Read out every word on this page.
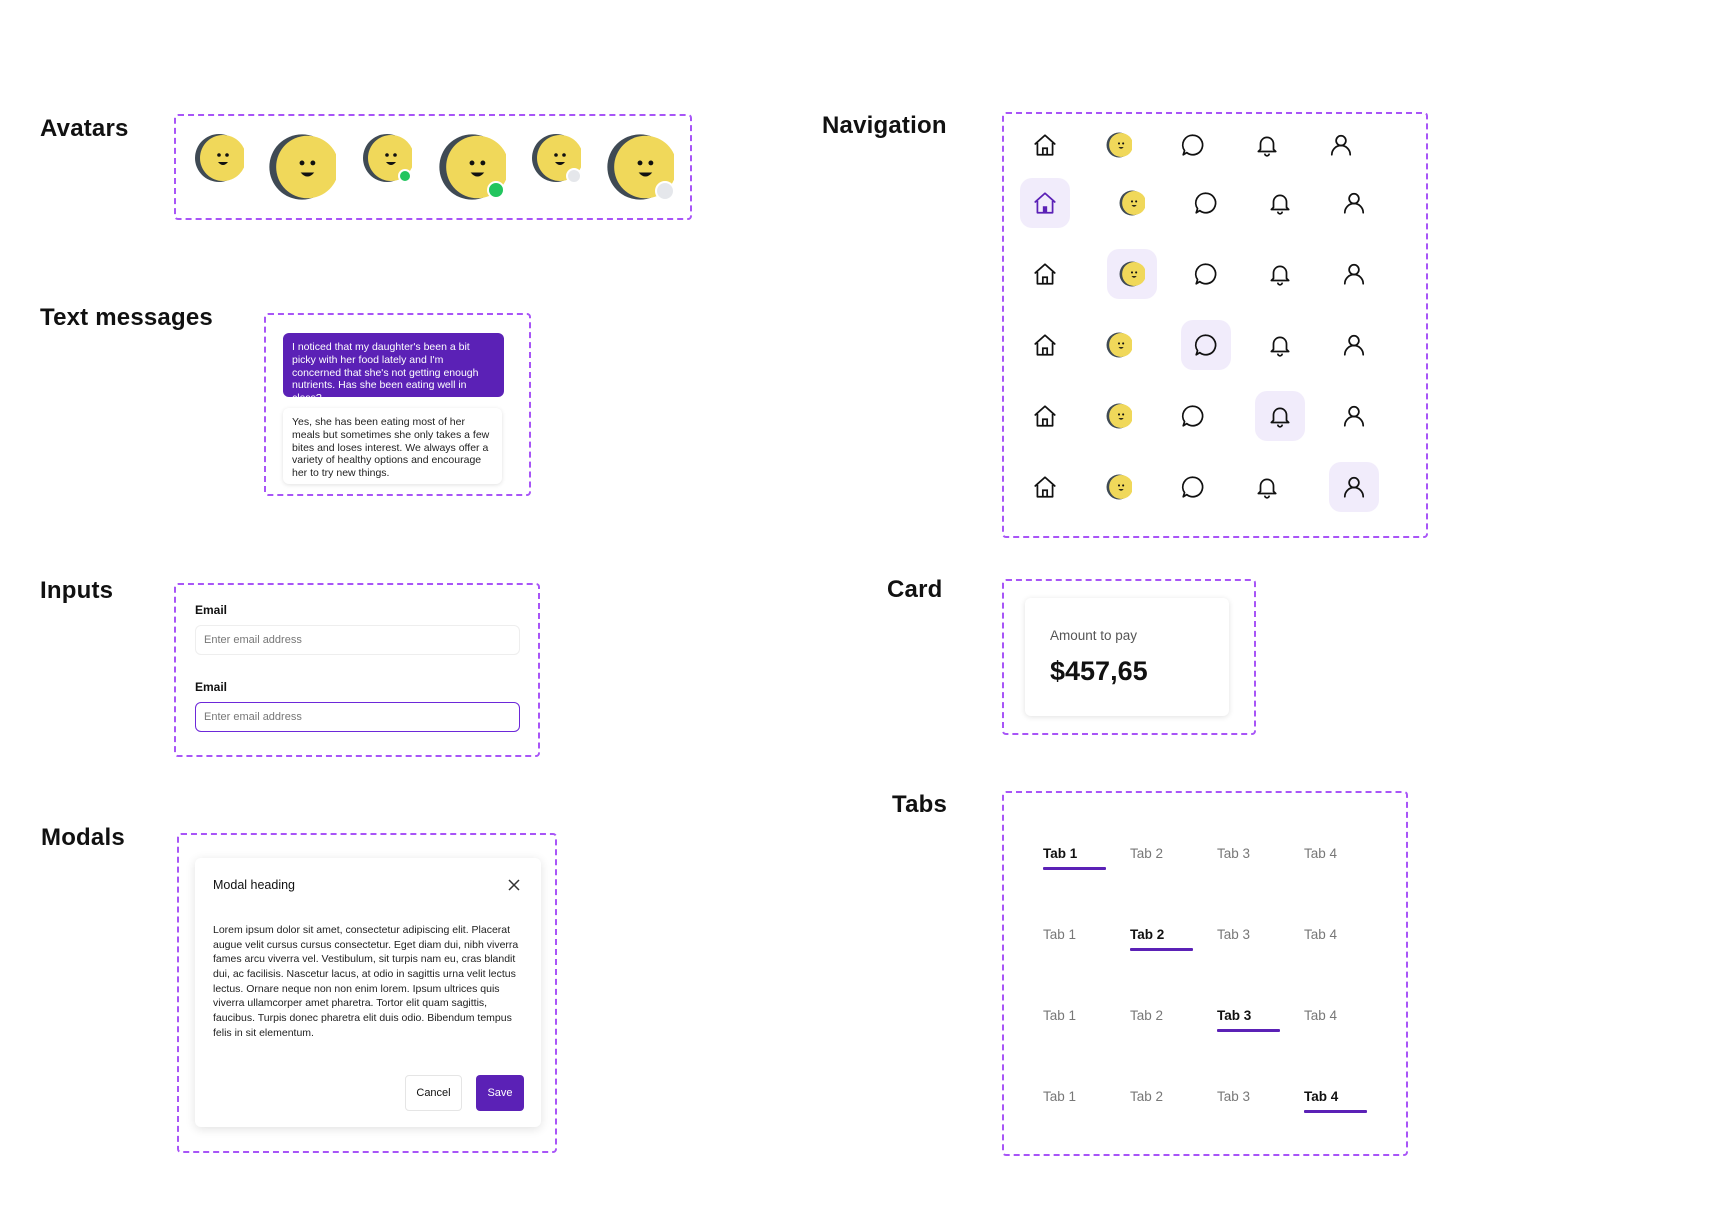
Avatars
Text messages
Inputs
Modals
Navigation
Card
Tabs
I noticed that my daughter's been a bit picky with her food lately and I'm concerned that she's not getting enough nutrients. Has she been eating well in class?
Yes, she has been eating most of her meals but sometimes she only takes a few bites and loses interest. We always offer a variety of healthy options and encourage her to try new things.
Email
Enter email address
Email
Enter email address
Modal heading
Lorem ipsum dolor sit amet, consectetur adipiscing elit. Placerat augue velit cursus cursus consectetur. Eget diam dui, nibh viverra fames arcu viverra vel. Vestibulum, sit turpis nam eu, cras blandit dui, ac facilisis. Nascetur lacus, at odio in sagittis urna velit lectus lectus. Ornare neque non non enim lorem. Ipsum ultrices quis viverra ullamcorper amet pharetra. Tortor elit quam sagittis, faucibus. Turpis donec pharetra elit duis odio. Bibendum tempus felis in sit elementum.
Cancel	Save
Amount to pay
$457,65
Tab 1	Tab 2	Tab 3	Tab 4
Tab 1	Tab 2	Tab 3	Tab 4
Tab 1	Tab 2	Tab 3	Tab 4
Tab 1	Tab 2	Tab 3	Tab 4
